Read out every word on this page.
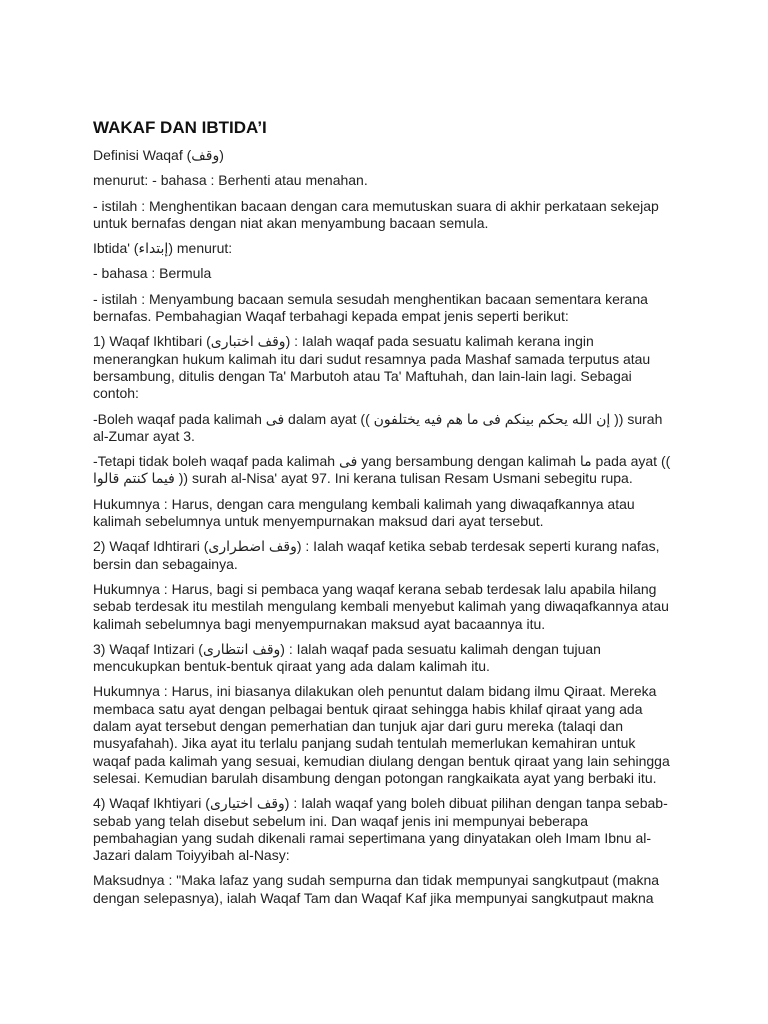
WAKAF DAN IBTIDA’I
Definisi Waqaf (وقف)
menurut: - bahasa : Berhenti atau menahan.
- istilah : Menghentikan bacaan dengan cara memutuskan suara di akhir perkataan sekejap untuk bernafas dengan niat akan menyambung bacaan semula.
Ibtida' (إبتداء) menurut:
- bahasa : Bermula
- istilah : Menyambung bacaan semula sesudah menghentikan bacaan sementara kerana bernafas. Pembahagian Waqaf terbahagi kepada empat jenis seperti berikut:
1) Waqaf Ikhtibari (وقف اختبارى) : Ialah waqaf pada sesuatu kalimah kerana ingin menerangkan hukum kalimah itu dari sudut resamnya pada Mashaf samada terputus atau bersambung, ditulis dengan Ta' Marbutoh atau Ta' Maftuhah, dan lain-lain lagi. Sebagai contoh:
-Boleh waqaf pada kalimah فى dalam ayat (( إن الله يحكم بينكم فى ما هم فيه يختلفون )) surah al-Zumar ayat 3.
-Tetapi tidak boleh waqaf pada kalimah فى yang bersambung dengan kalimah ما pada ayat (( فيما كنتم قالوا )) surah al-Nisa' ayat 97. Ini kerana tulisan Resam Usmani sebegitu rupa.
Hukumnya : Harus, dengan cara mengulang kembali kalimah yang diwaqafkannya atau kalimah sebelumnya untuk menyempurnakan maksud dari ayat tersebut.
2) Waqaf Idhtirari (وقف اضطرارى) : Ialah waqaf ketika sebab terdesak seperti kurang nafas, bersin dan sebagainya.
Hukumnya : Harus, bagi si pembaca yang waqaf kerana sebab terdesak lalu apabila hilang sebab terdesak itu mestilah mengulang kembali menyebut kalimah yang diwaqafkannya atau kalimah sebelumnya bagi menyempurnakan maksud ayat bacaannya itu.
3) Waqaf Intizari (وقف انتظارى) : Ialah waqaf pada sesuatu kalimah dengan tujuan mencukupkan bentuk-bentuk qiraat yang ada dalam kalimah itu.
Hukumnya : Harus, ini biasanya dilakukan oleh penuntut dalam bidang ilmu Qiraat. Mereka membaca satu ayat dengan pelbagai bentuk qiraat sehingga habis khilaf qiraat yang ada dalam ayat tersebut dengan pemerhatian dan tunjuk ajar dari guru mereka (talaqi dan musyafahah). Jika ayat itu terlalu panjang sudah tentulah memerlukan kemahiran untuk waqaf pada kalimah yang sesuai, kemudian diulang dengan bentuk qiraat yang lain sehingga selesai. Kemudian barulah disambung dengan potongan rangkaikata ayat yang berbaki itu.
4) Waqaf Ikhtiyari (وقف اختيارى) : Ialah waqaf yang boleh dibuat pilihan dengan tanpa sebab-sebab yang telah disebut sebelum ini. Dan waqaf jenis ini mempunyai beberapa pembahagian yang sudah dikenali ramai sepertimana yang dinyatakan oleh Imam Ibnu al-Jazari dalam Toiyyibah al-Nasy:
Maksudnya : "Maka lafaz yang sudah sempurna dan tidak mempunyai sangkutpaut (makna dengan selepasnya), ialah Waqaf Tam dan Waqaf Kaf jika mempunyai sangkutpaut makna
